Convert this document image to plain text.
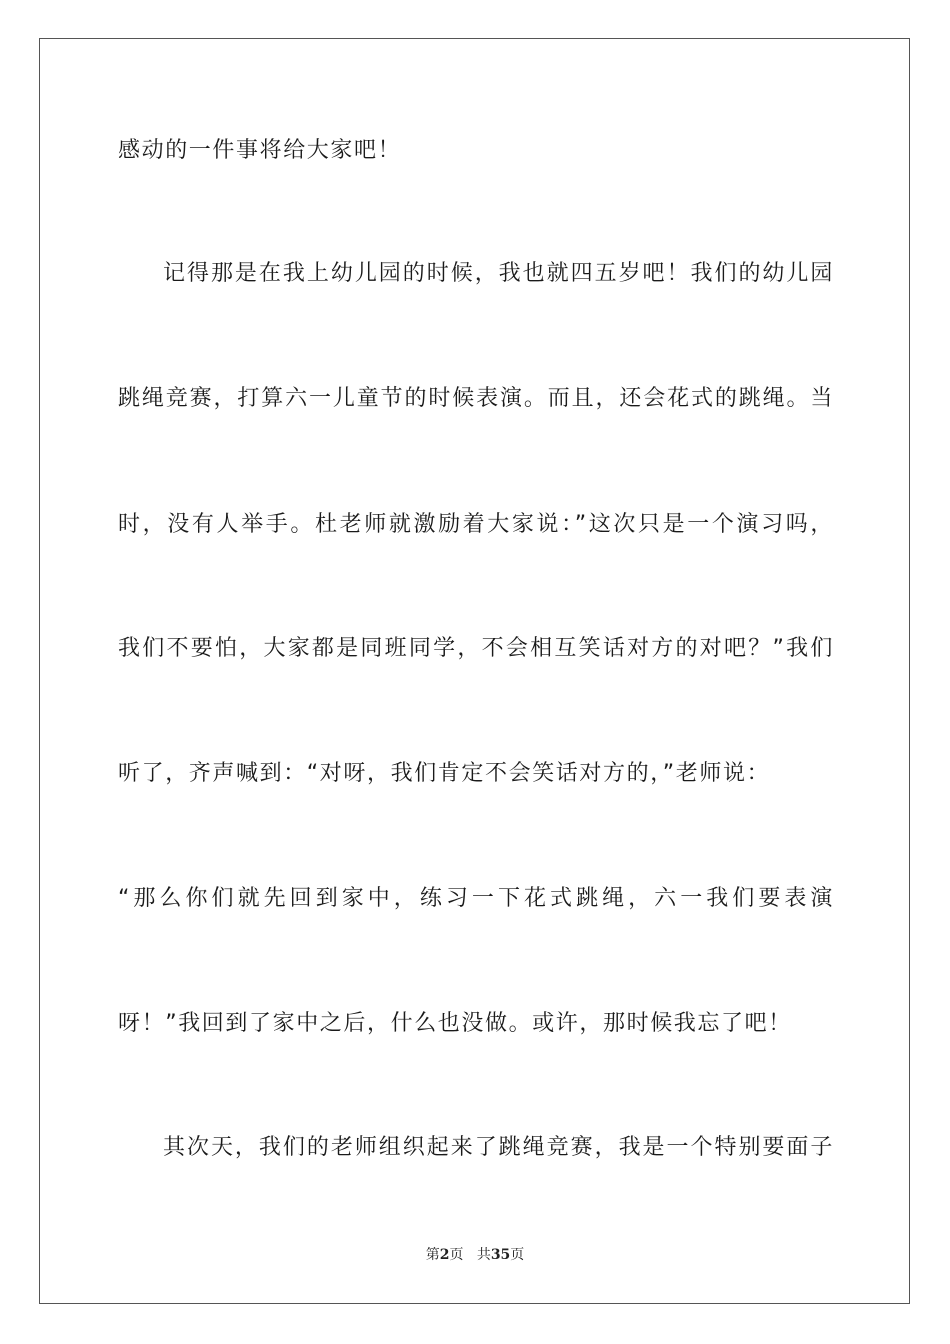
感动的一件事将给大家吧！
记得那是在我上幼儿园的时候，我也就四五岁吧！我们的幼儿园
跳绳竞赛，打算六一儿童节的时候表演。而且，还会花式的跳绳。当
时，没有人举手。杜老师就激励着大家说：”这次只是一个演习吗，
我们不要怕，大家都是同班同学，不会相互笑话对方的对吧？”我们
听了，齐声喊到：“对呀，我们肯定不会笑话对方的，”老师说：
“那么你们就先回到家中，练习一下花式跳绳，六一我们要表演
呀！”我回到了家中之后，什么也没做。或许，那时候我忘了吧！
其次天，我们的老师组织起来了跳绳竞赛，我是一个特别要面子
第2页 共35页
